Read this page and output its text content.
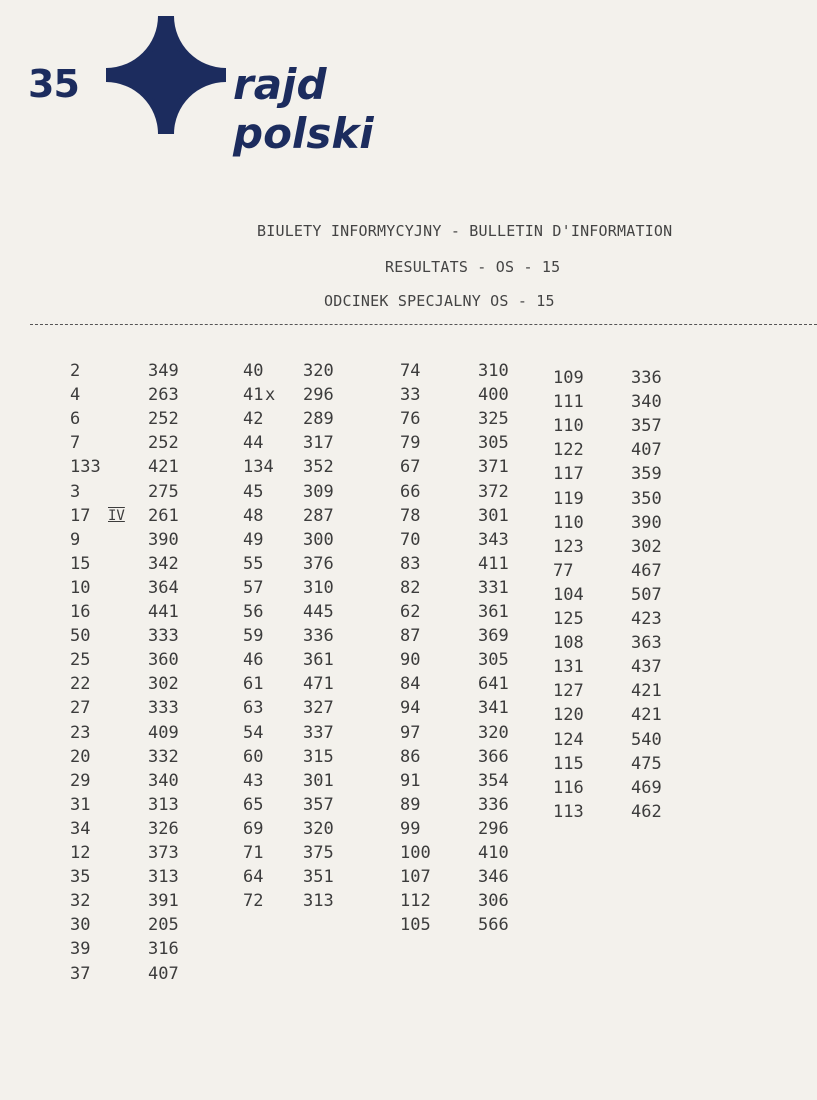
35	rajd polski
BIULETY INFORMYCYJNY - BULLETIN D'INFORMATION
RESULTATS - OS - 15
ODCINEK SPECJALNY OS - 15
2	349
4	263
6	252
7	252
133	421
3	275
17 IV 261
9	390
15	342
10	364
16	441
50	333
25	360
22	302
27	333
23	409
20	332
29	340
31	313
34	326
12	373
35	313
32	391
30	205
39	316
37	407
40 320
41 x 296
42 289
44 317
134 352
45 309
48 287
49 300
55 376
57 310
56 445
59 336
46 361
61 471
63 327
54 337
60 315
43 301
65 357
69 320
71 375
64 351
72 313
74	310
33	400
76	325
79	305
67	371
66	372
78	301
70	343
83	411
82	331
62	361
87	369
90	305
84	641
94	341
97	320
86	366
91	354
89	336
99	296
100	410
107	346
112	306
105	566
109	336
111	340
110	357
122	407
117	359
119	350
110	390
123	302
77	467
104	507
125	423
108	363
131	437
127	421
120	421
124	540
115	475
116	469
113	462
